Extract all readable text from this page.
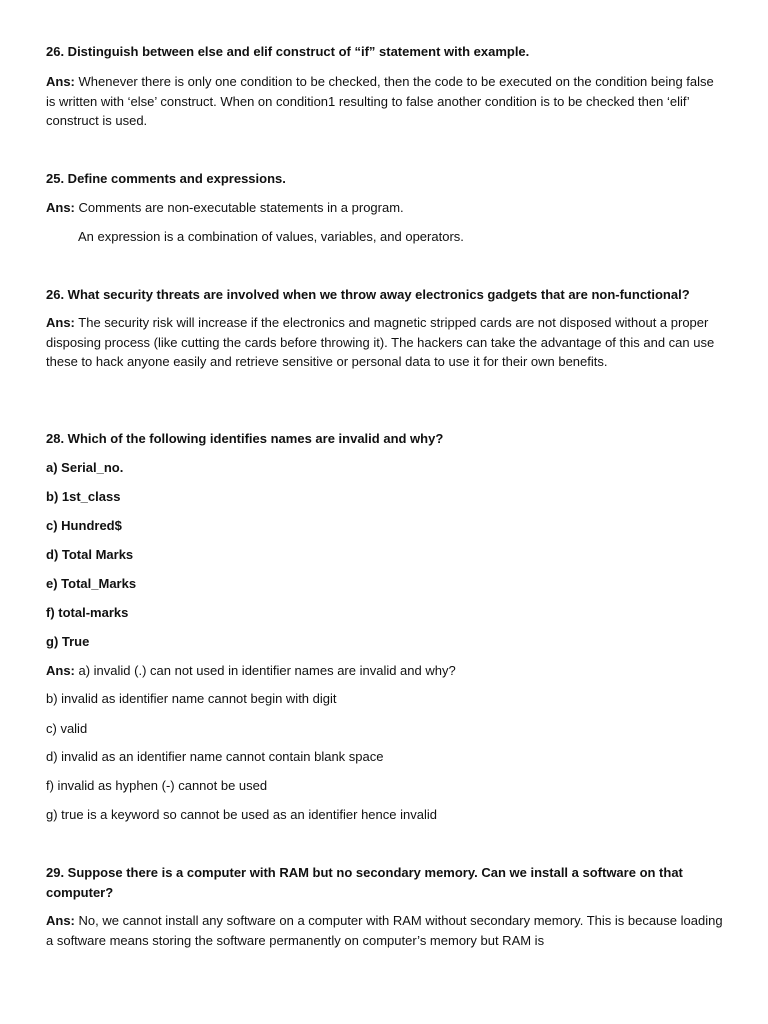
26. Distinguish between else and elif construct of “if” statement with example.
Ans: Whenever there is only one condition to be checked, then the code to be executed on the condition being false is written with ‘else’ construct. When on condition1 resulting to false another condition is to be checked then ‘elif’ construct is used.
25. Define comments and expressions.
Ans: Comments are non-executable statements in a program.
An expression is a combination of values, variables, and operators.
26. What security threats are involved when we throw away electronics gadgets that are non-functional?
Ans: The security risk will increase if the electronics and magnetic stripped cards are not disposed without a proper disposing process (like cutting the cards before throwing it). The hackers can take the advantage of this and can use these to hack anyone easily and retrieve sensitive or personal data to use it for their own benefits.
28. Which of the following identifies names are invalid and why?
a) Serial_no.
b) 1st_class
c) Hundred$
d) Total Marks
e) Total_Marks
f) total-marks
g) True
Ans: a) invalid (.) can not used in identifier names are invalid and why?
b) invalid as identifier name cannot begin with digit
c) valid
d) invalid as an identifier name cannot contain blank space
f) invalid as hyphen (-) cannot be used
g) true is a keyword so cannot be used as an identifier hence invalid
29. Suppose there is a computer with RAM but no secondary memory. Can we install a software on that computer?
Ans: No, we cannot install any software on a computer with RAM without secondary memory. This is because loading a software means storing the software permanently on computer’s memory but RAM is
